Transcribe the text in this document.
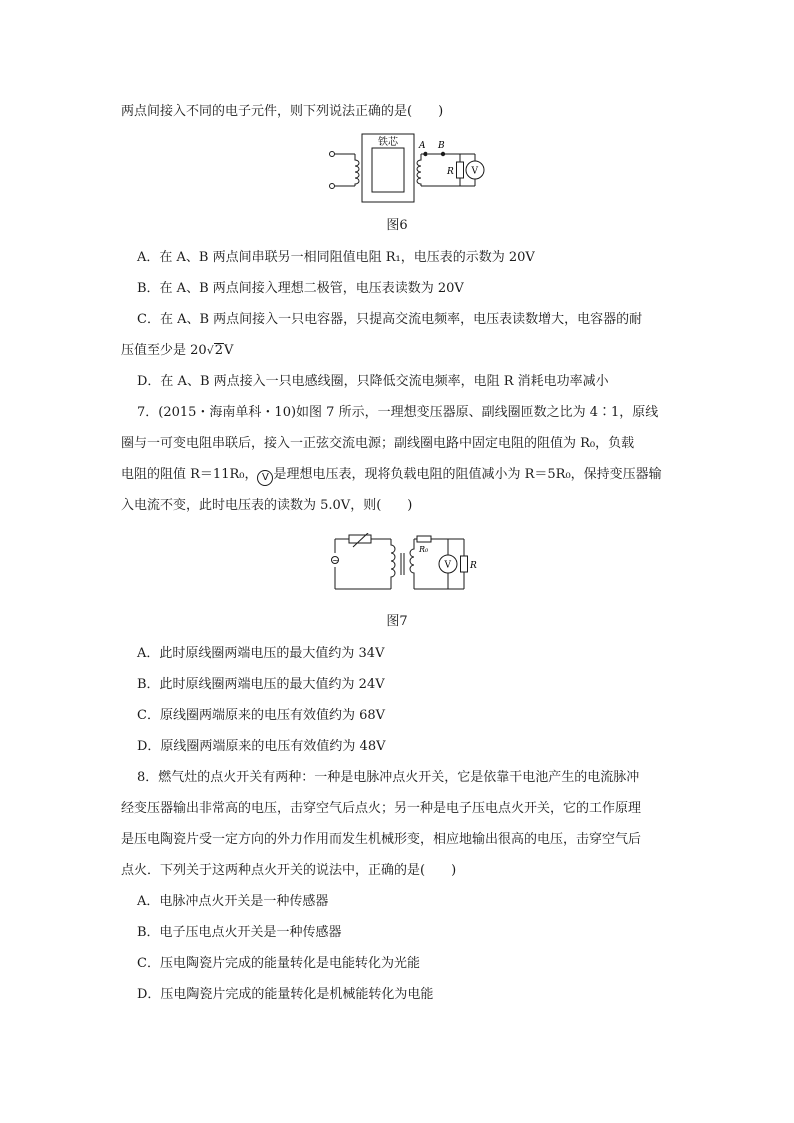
两点间接入不同的电子元件，则下列说法正确的是(　　)
铁芯 A B
R V
图6
A．在 A、B 两点间串联另一相同阻值电阻 R₁，电压表的示数为 20V
B．在 A、B 两点间接入理想二极管，电压表读数为 20V
C．在 A、B 两点间接入一只电容器，只提高交流电频率，电压表读数增大，电容器的耐
压值至少是 20√2V
D．在 A、B 两点接入一只电感线圈，只降低交流电频率，电阻 R 消耗电功率减小
7．(2015・海南单科・10)如图 7 所示，一理想变压器原、副线圈匝数之比为 4∶1，原线
圈与一可变电阻串联后，接入一正弦交流电源；副线圈电路中固定电阻的阻值为 R₀，负载
电阻的阻值 R＝11R₀， V 是理想电压表，现将负载电阻的阻值减小为 R＝5R₀，保持变压器输
入电流不变，此时电压表的读数为 5.0V，则(　　)
~
R₀
V R
图7
A．此时原线圈两端电压的最大值约为 34V
B．此时原线圈两端电压的最大值约为 24V
C．原线圈两端原来的电压有效值约为 68V
D．原线圈两端原来的电压有效值约为 48V
8．燃气灶的点火开关有两种：一种是电脉冲点火开关，它是依靠干电池产生的电流脉冲
经变压器输出非常高的电压，击穿空气后点火；另一种是电子压电点火开关，它的工作原理
是压电陶瓷片受一定方向的外力作用而发生机械形变，相应地输出很高的电压，击穿空气后
点火．下列关于这两种点火开关的说法中，正确的是(　　)
A．电脉冲点火开关是一种传感器
B．电子压电点火开关是一种传感器
C．压电陶瓷片完成的能量转化是电能转化为光能
D．压电陶瓷片完成的能量转化是机械能转化为电能
